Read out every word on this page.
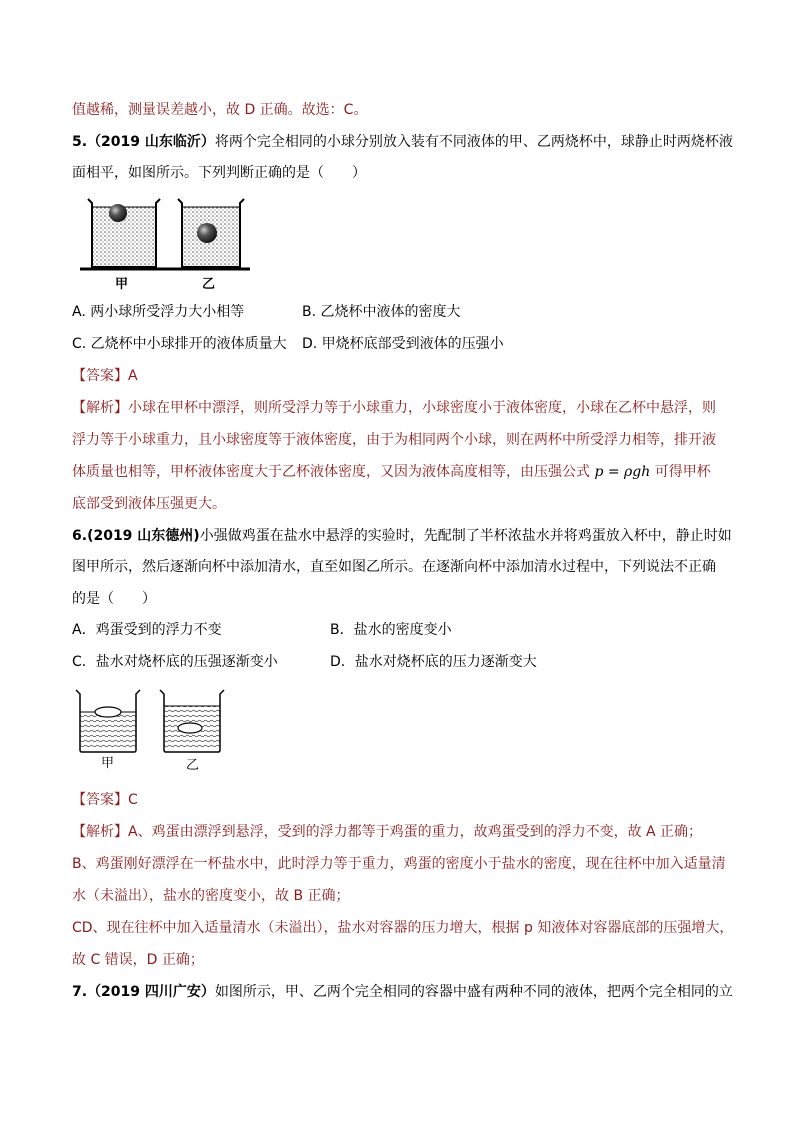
值越稀，测量误差越小，故 D 正确。故选：C。
5.（2019 山东临沂）将两个完全相同的小球分别放入装有不同液体的甲、乙两烧杯中，球静止时两烧杯液
面相平，如图所示。下列判断正确的是（　　）
甲	乙
A. 两小球所受浮力大小相等	B. 乙烧杯中液体的密度大
C. 乙烧杯中小球排开的液体质量大 D. 甲烧杯底部受到液体的压强小
【答案】A
【解析】小球在甲杯中漂浮，则所受浮力等于小球重力，小球密度小于液体密度，小球在乙杯中悬浮，则
浮力等于小球重力，且小球密度等于液体密度，由于为相同两个小球，则在两杯中所受浮力相等，排开液
体质量也相等，甲杯液体密度大于乙杯液体密度，又因为液体高度相等，由压强公式 p = ρgh 可得甲杯
底部受到液体压强更大。
6.(2019 山东德州)小强做鸡蛋在盐水中悬浮的实验时，先配制了半杯浓盐水并将鸡蛋放入杯中，静止时如
图甲所示，然后逐渐向杯中添加清水，直至如图乙所示。在逐渐向杯中添加清水过程中，下列说法不正确
的是（　　）
A．鸡蛋受到的浮力不变	B．盐水的密度变小
C．盐水对烧杯底的压强逐渐变小	D．盐水对烧杯底的压力逐渐变大
甲	乙
【答案】C
【解析】A、鸡蛋由漂浮到悬浮，受到的浮力都等于鸡蛋的重力，故鸡蛋受到的浮力不变，故 A 正确；
B、鸡蛋刚好漂浮在一杯盐水中，此时浮力等于重力，鸡蛋的密度小于盐水的密度，现在往杯中加入适量清
水（未溢出），盐水的密度变小，故 B 正确；
CD、现在往杯中加入适量清水（未溢出），盐水对容器的压力增大，根据 p 知液体对容器底部的压强增大，
故 C 错误，D 正确；
7.（2019 四川广安）如图所示，甲、乙两个完全相同的容器中盛有两种不同的液体，把两个完全相同的立
